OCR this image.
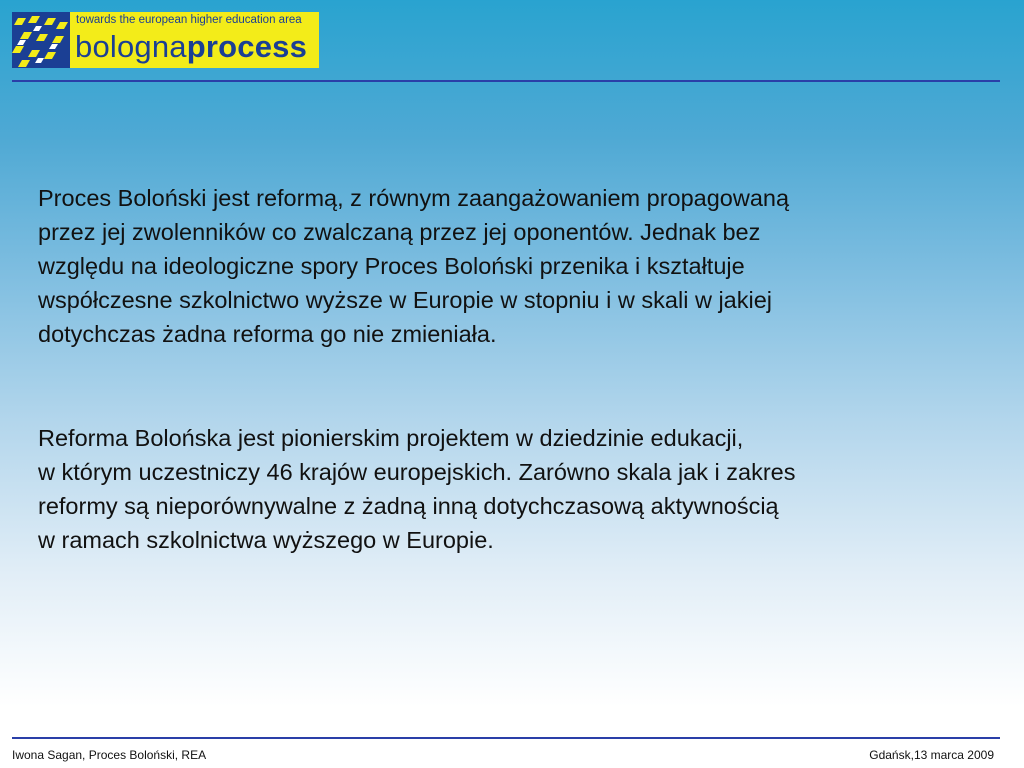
towards the european higher education area
bolognaprocess
Proces Boloński jest reformą, z równym zaangażowaniem propagowaną
przez jej zwolenników co zwalczaną przez jej oponentów. Jednak bez
względu na ideologiczne spory Proces Boloński przenika i kształtuje
współczesne szkolnictwo wyższe w Europie w stopniu i w skali w jakiej
dotychczas żadna reforma go nie zmieniała.
Reforma Bolońska jest pionierskim projektem w dziedzinie edukacji,
w którym uczestniczy 46 krajów europejskich. Zarówno skala jak i zakres
reformy są nieporównywalne z żadną inną dotychczasową aktywnością
w ramach szkolnictwa wyższego w Europie.
Iwona Sagan, Proces Boloński, REA	Gdańsk,13 marca 2009
